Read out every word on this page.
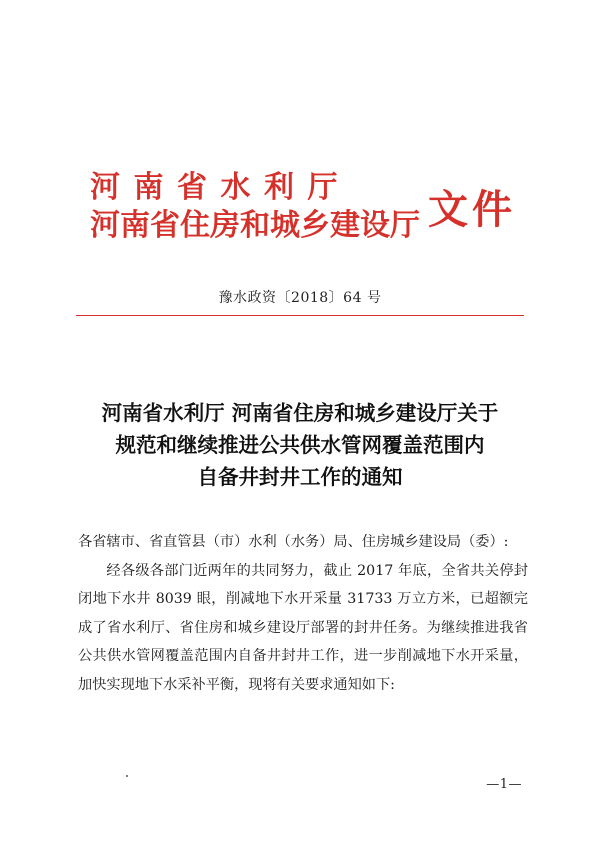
河南省水利厅
河南省住房和城乡建设厅 文件
豫水政资〔2018〕64 号
河南省水利厅 河南省住房和城乡建设厅关于
规范和继续推进公共供水管网覆盖范围内
自备井封井工作的通知

各省辖市、省直管县（市）水利（水务）局、住房城乡建设局（委）:

经各级各部门近两年的共同努力，截止 2017 年底，全省共关停封闭地下水井 8039 眼，削减地下水开采量 31733 万立方米，已超额完成了省水利厅、省住房和城乡建设厅部署的封井任务。为继续推进我省公共供水管网覆盖范围内自备井封井工作，进一步削减地下水开采量，加快实现地下水采补平衡，现将有关要求通知如下:

—1—
